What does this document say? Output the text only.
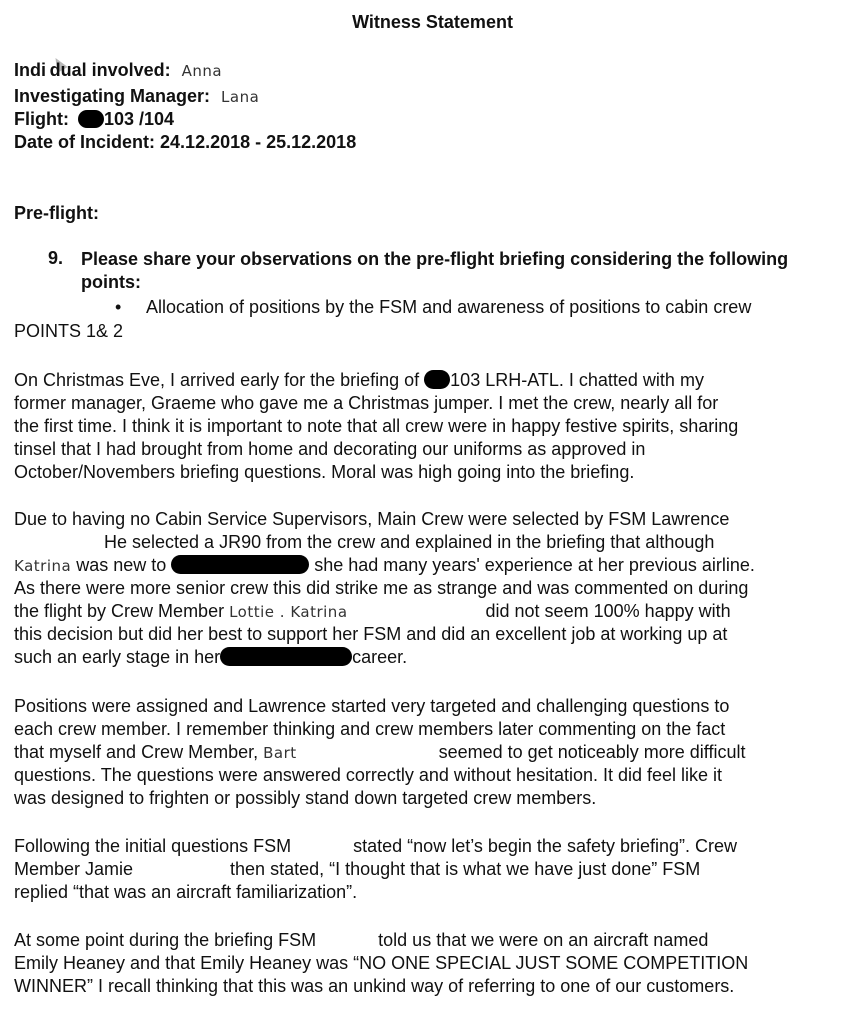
Witness Statement
Indi dual involved: Anna
Investigating Manager: Lana
Flight: 103 /104
Date of Incident: 24.12.2018 - 25.12.2018
Pre-flight:
9. Please share your observations on the pre-flight briefing considering the following points:
• Allocation of positions by the FSM and awareness of positions to cabin crew
POINTS 1& 2
On Christmas Eve, I arrived early for the briefing of 103 LRH-ATL. I chatted with my
former manager, Graeme who gave me a Christmas jumper. I met the crew, nearly all for
the first time. I think it is important to note that all crew were in happy festive spirits, sharing
tinsel that I had brought from home and decorating our uniforms as approved in
October/Novembers briefing questions. Moral was high going into the briefing.
Due to having no Cabin Service Supervisors, Main Crew were selected by FSM Lawrence
He selected a JR90 from the crew and explained in the briefing that although
Katrina was new to	she had many years' experience at her previous airline.
As there were more senior crew this did strike me as strange and was commented on during
the flight by Crew Member Lottie . Katrina	did not seem 100% happy with
this decision but did her best to support her FSM and did an excellent job at working up at
such an early stage in her	career.
Positions were assigned and Lawrence started very targeted and challenging questions to
each crew member. I remember thinking and crew members later commenting on the fact
that myself and Crew Member, Bart	seemed to get noticeably more difficult
questions. The questions were answered correctly and without hesitation. It did feel like it
was designed to frighten or possibly stand down targeted crew members.
Following the initial questions FSM	stated “now let’s begin the safety briefing”. Crew
Member Jamie	then stated, “I thought that is what we have just done” FSM
replied “that was an aircraft familiarization”.
At some point during the briefing FSM	told us that we were on an aircraft named
Emily Heaney and that Emily Heaney was “NO ONE SPECIAL JUST SOME COMPETITION
WINNER” I recall thinking that this was an unkind way of referring to one of our customers.
